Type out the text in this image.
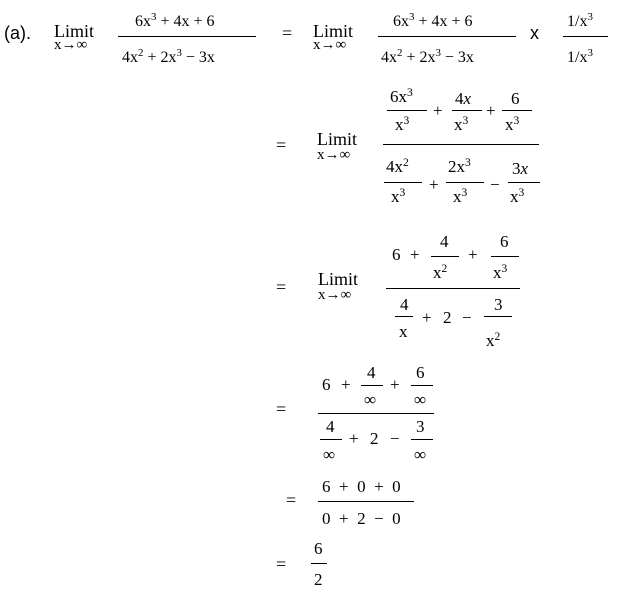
(a). Limit
x→∞
$6x^3 + 4x + 6$
$4x^2 + 2x^3 - 3x$
= Limit
x→∞
$6x^3 + 4x + 6$
$4x^2 + 2x^3 - 3x$
x
$1/x^3$
$1/x^3$
= Limit
x→∞
$6x^3$
$x^3$
+
4x
$x^3$
+
6
$x^3$
$4x^2$
$x^3$ +
$2x^3$
$x^3$ −
3x
$x^3$
= Limit
x→∞
6 +
4
$x^2$
+
6
$x^3$
4
x
+ 2 −
3
$x^2$
=
6 +
4
∞
+
6
∞
4
∞
+ 2 −
3
∞
=
6  +  0  +  0
0  +  2  −  0
=
6
2
